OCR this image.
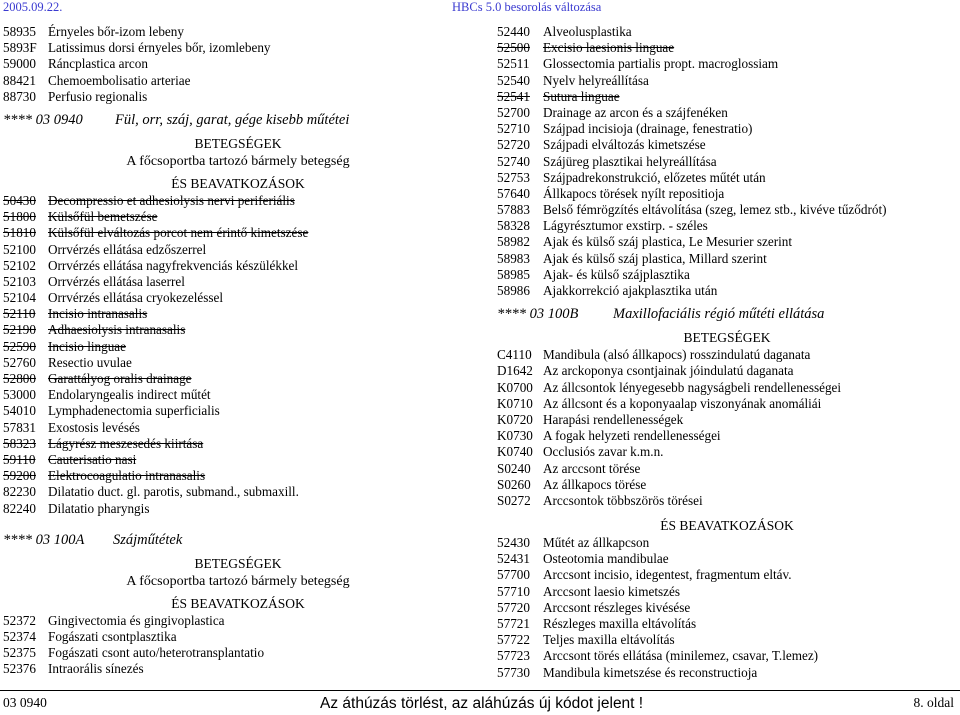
2005.09.22.	HBCs 5.0 besorolás változása
58935 Érnyeles bőr-izom lebeny
5893F Latissimus dorsi érnyeles bőr, izomlebeny
59000 Ráncplastica arcon
88421 Chemoembolisatio arteriae
88730 Perfusio regionalis
**** 03 0940 Fül, orr, száj, garat, gége kisebb műtétei
BETEGSÉGEK
A főcsoportba tartozó bármely betegség
ÉS BEAVATKOZÁSOK
50430 Decompressio et adhesiolysis nervi periferiális
51800 Külsőfül bemetszése
51810 Külsőfül elváltozás porcot nem érintő kimetszése
52100 Orrvérzés ellátása edzőszerrel
52102 Orrvérzés ellátása nagyfrekvenciás készülékkel
52103 Orrvérzés ellátása laserrel
52104 Orrvérzés ellátása cryokezeléssel
52110 Incisio intranasalis
52190 Adhaesiolysis intranasalis
52590 Incisio linguae
52760 Resectio uvulae
52800 Garattályog oralis drainage
53000 Endolaryngealis indirect műtét
54010 Lymphadenectomia superficialis
57831 Exostosis levésés
58323 Lágyrész meszesedés kiirtása
59110 Cauterisatio nasi
59200 Elektrocoagulatio intranasalis
82230 Dilatatio duct. gl. parotis, submand., submaxill.
82240 Dilatatio pharyngis
**** 03 100A Szájműtétek
BETEGSÉGEK
A főcsoportba tartozó bármely betegség
ÉS BEAVATKOZÁSOK
52372 Gingivectomia és gingivoplastica
52374 Fogászati csontplasztika
52375 Fogászati csont auto/heterotransplantatio
52376 Intraorális sínezés
52440 Alveolusplastika
52500 Excisio laesionis linguae
52511 Glossectomia partialis propt. macroglossiam
52540 Nyelv helyreállítása
52541 Sutura linguae
52700 Drainage az arcon és a szájfenéken
52710 Szájpad incisioja (drainage, fenestratio)
52720 Szájpadi elváltozás kimetszése
52740 Szájüreg plasztikai helyreállítása
52753 Szájpadrekonstrukció, előzetes műtét után
57640 Állkapocs törések nyílt repositioja
57883 Belső fémrögzítés eltávolítása (szeg, lemez stb., kivéve tűződrót)
58328 Lágyrésztumor exstirp. - széles
58982 Ajak és külső száj plastica, Le Mesurier szerint
58983 Ajak és külső száj plastica, Millard szerint
58985 Ajak- és külső szájplasztika
58986 Ajakkorrekció ajakplasztika után
**** 03 100B Maxillofaciális régió műtéti ellátása
BETEGSÉGEK
C4110 Mandibula (alsó állkapocs) rosszindulatú daganata
D1642 Az arckoponya csontjainak jóindulatú daganata
K0700 Az állcsontok lényegesebb nagyságbeli rendellenességei
K0710 Az állcsont és a koponyaalap viszonyának anomáliái
K0720 Harapási rendellenességek
K0730 A fogak helyzeti rendellenességei
K0740 Occlusiós zavar k.m.n.
S0240 Az arccsont törése
S0260 Az állkapocs törése
S0272 Arccsontok többszörös törései
ÉS BEAVATKOZÁSOK
52430 Műtét az állkapcson
52431 Osteotomia mandibulae
57700 Arccsont incisio, idegentest, fragmentum eltáv.
57710 Arccsont laesio kimetszés
57720 Arccsont részleges kivésése
57721 Részleges maxilla eltávolítás
57722 Teljes maxilla eltávolítás
57723 Arccsont törés ellátása (minilemez, csavar, T.lemez)
57730 Mandibula kimetszése és reconstructioja
03 0940	Az áthúzás törlést, az aláhúzás új kódot jelent !	8. oldal
